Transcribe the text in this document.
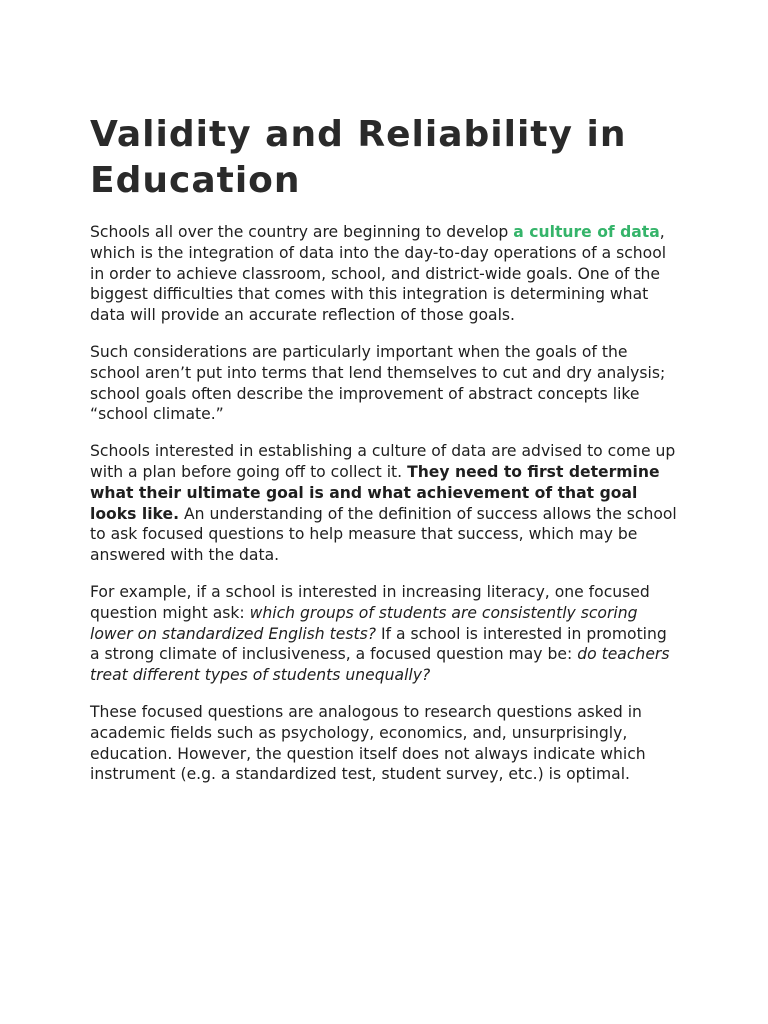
Validity and Reliability in Education

Schools all over the country are beginning to develop a culture of data, which is the integration of data into the day-to-day operations of a school in order to achieve classroom, school, and district-wide goals. One of the biggest difficulties that comes with this integration is determining what data will provide an accurate reflection of those goals.

Such considerations are particularly important when the goals of the school aren’t put into terms that lend themselves to cut and dry analysis; school goals often describe the improvement of abstract concepts like “school climate.”

Schools interested in establishing a culture of data are advised to come up with a plan before going off to collect it. They need to first determine what their ultimate goal is and what achievement of that goal looks like. An understanding of the definition of success allows the school to ask focused questions to help measure that success, which may be answered with the data.

For example, if a school is interested in increasing literacy, one focused question might ask: which groups of students are consistently scoring lower on standardized English tests? If a school is interested in promoting a strong climate of inclusiveness, a focused question may be: do teachers treat different types of students unequally?

These focused questions are analogous to research questions asked in academic fields such as psychology, economics, and, unsurprisingly, education. However, the question itself does not always indicate which instrument (e.g. a standardized test, student survey, etc.) is optimal.
